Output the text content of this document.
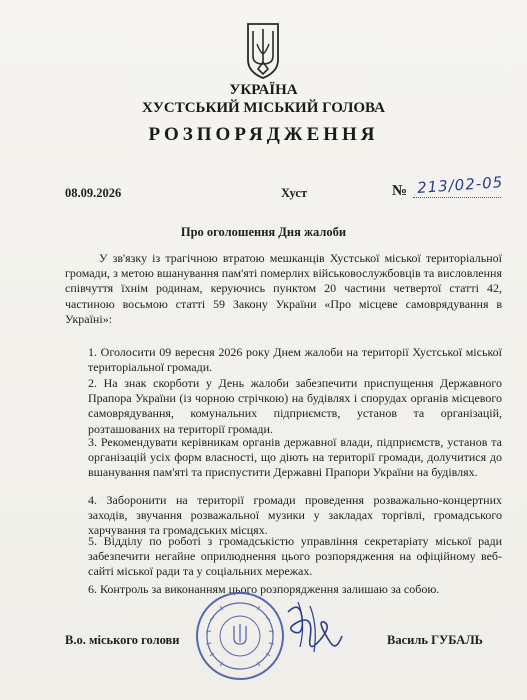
УКРАЇНА
ХУСТСЬКИЙ МІСЬКИЙ ГОЛОВА
РОЗПОРЯДЖЕННЯ
08.09.2026	Хуст	№ 213/02-05
Про оголошення Дня жалоби
У зв'язку із трагічною втратою мешканців Хустської міської територіальної громади, з метою вшанування пам'яті померлих військовослужбовців та висловлення співчуття їхнім родинам, керуючись пунктом 20 частини четвертої статті 42, частиною восьмою статті 59 Закону України «Про місцеве самоврядування в Україні»:
1. Оголосити 09 вересня 2026 року Днем жалоби на території Хустської міської територіальної громади.
2. На знак скорботи у День жалоби забезпечити приспущення Державного Прапора України (із чорною стрічкою) на будівлях і спорудах органів місцевого самоврядування, комунальних підприємств, установ та організацій, розташованих на території громади.
3. Рекомендувати керівникам органів державної влади, підприємств, установ та організацій усіх форм власності, що діють на території громади, долучитися до вшанування пам'яті та приспустити Державні Прапори України на будівлях.
4. Заборонити на території громади проведення розважально-концертних заходів, звучання розважальної музики у закладах торгівлі, громадського харчування та громадських місцях.
5. Відділу по роботі з громадськістю управління секретаріату міської ради забезпечити негайне оприлюднення цього розпорядження на офіційному веб-сайті міської ради та у соціальних мережах.
6. Контроль за виконанням цього розпорядження залишаю за собою.
В.о. міського голови	Василь ГУБАЛЬ
